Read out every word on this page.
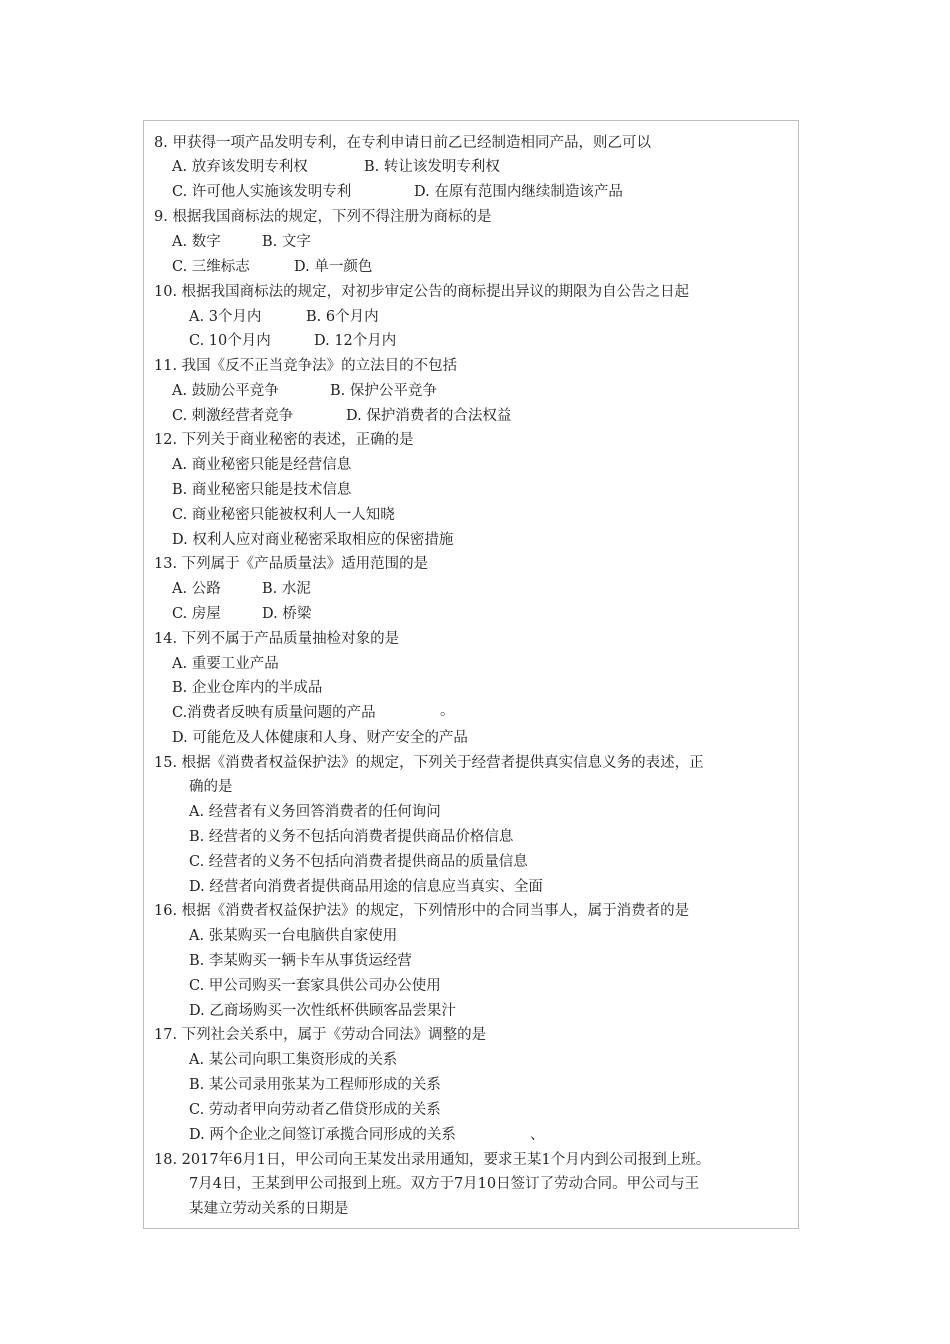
8. 甲获得一项产品发明专利，在专利申请日前乙已经制造相同产品，则乙可以
A. 放弃该发明专利权	B. 转让该发明专利权
C. 许可他人实施该发明专利	D. 在原有范围内继续制造该产品
9. 根据我国商标法的规定，下列不得注册为商标的是
A. 数字	B. 文字
C. 三维标志	D. 单一颜色
10. 根据我国商标法的规定，对初步审定公告的商标提出异议的期限为自公告之日起
A. 3个月内	B. 6个月内
C. 10个月内	D. 12个月内
11. 我国《反不正当竞争法》的立法目的不包括
A. 鼓励公平竞争	B. 保护公平竞争
C. 刺激经营者竞争	D. 保护消费者的合法权益
12. 下列关于商业秘密的表述，正确的是
A. 商业秘密只能是经营信息
B. 商业秘密只能是技术信息
C. 商业秘密只能被权利人一人知晓
D. 权利人应对商业秘密采取相应的保密措施
13. 下列属于《产品质量法》适用范围的是
A. 公路	B. 水泥
C. 房屋	D. 桥梁
14. 下列不属于产品质量抽检对象的是
A. 重要工业产品
B. 企业仓库内的半成品
C.消费者反映有质量问题的产品	。
D. 可能危及人体健康和人身、财产安全的产品
15. 根据《消费者权益保护法》的规定，下列关于经营者提供真实信息义务的表述，正
确的是
A. 经营者有义务回答消费者的任何询问
B. 经营者的义务不包括向消费者提供商品价格信息
C. 经营者的义务不包括向消费者提供商品的质量信息
D. 经营者向消费者提供商品用途的信息应当真实、全面
16. 根据《消费者权益保护法》的规定，下列情形中的合同当事人，属于消费者的是
A. 张某购买一台电脑供自家使用
B. 李某购买一辆卡车从事货运经营
C. 甲公司购买一套家具供公司办公使用
D. 乙商场购买一次性纸杯供顾客品尝果汁
17. 下列社会关系中，属于《劳动合同法》调整的是
A. 某公司向职工集资形成的关系
B. 某公司录用张某为工程师形成的关系
C. 劳动者甲向劳动者乙借贷形成的关系
D. 两个企业之间签订承揽合同形成的关系	、
18. 2017年6月1日，甲公司向王某发出录用通知，要求王某1个月内到公司报到上班。
7月4日，王某到甲公司报到上班。双方于7月10日签订了劳动合同。甲公司与王
某建立劳动关系的日期是
